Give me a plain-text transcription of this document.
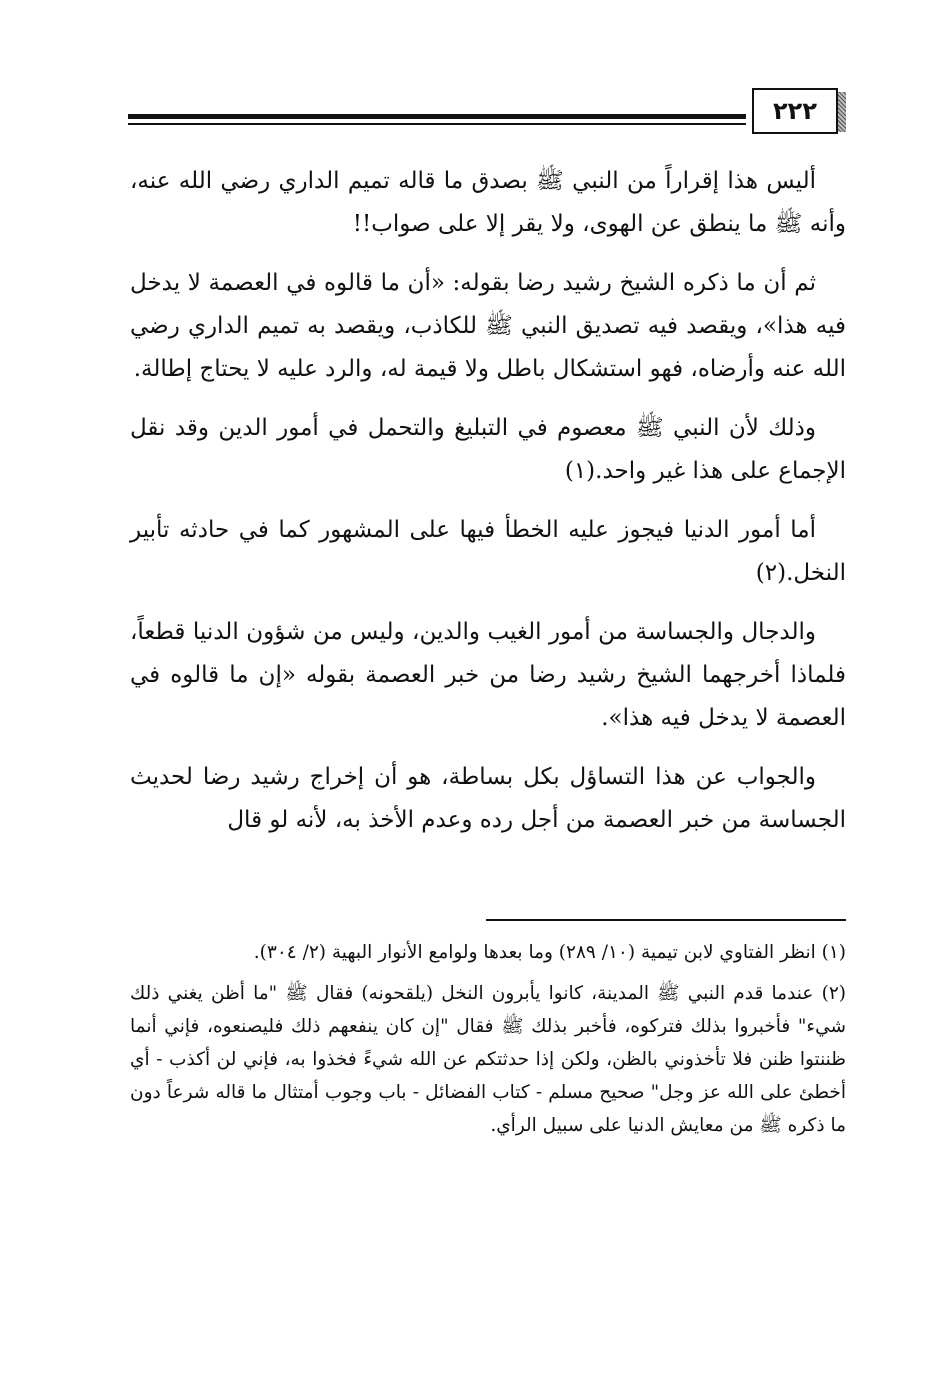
٢٢٢

أليس هذا إقراراً من النبي ﷺ بصدق ما قاله تميم الداري رضي الله عنه، وأنه ﷺ ما ينطق عن الهوى، ولا يقر إلا على صواب!!

ثم أن ما ذكره الشيخ رشيد رضا بقوله: «أن ما قالوه في العصمة لا يدخل فيه هذا»، ويقصد فيه تصديق النبي ﷺ للكاذب، ويقصد به تميم الداري رضي الله عنه وأرضاه، فهو استشكال باطل ولا قيمة له، والرد عليه لا يحتاج إطالة.

وذلك لأن النبي ﷺ معصوم في التبليغ والتحمل في أمور الدين وقد نقل الإجماع على هذا غير واحد.(١)

أما أمور الدنيا فيجوز عليه الخطأ فيها على المشهور كما في حادثه تأبير النخل.(٢)

والدجال والجساسة من أمور الغيب والدين، وليس من شؤون الدنيا قطعاً، فلماذا أخرجهما الشيخ رشيد رضا من خبر العصمة بقوله «إن ما قالوه في العصمة لا يدخل فيه هذا».

والجواب عن هذا التساؤل بكل بساطة، هو أن إخراج رشيد رضا لحديث الجساسة من خبر العصمة من أجل رده وعدم الأخذ به، لأنه لو قال

(١) انظر الفتاوي لابن تيمية (١٠/ ٢٨٩) وما بعدها ولوامع الأنوار البهية (٢/ ٣٠٤).

(٢) عندما قدم النبي ﷺ المدينة، كانوا يأبرون النخل (يلقحونه) فقال ﷺ "ما أظن يغني ذلك شيء" فأخبروا بذلك فتركوه، فأخبر بذلك ﷺ فقال "إن كان ينفعهم ذلك فليصنعوه، فإني أنما ظننتوا ظنن فلا تأخذوني بالظن، ولكن إذا حدثتكم عن الله شيءً فخذوا به، فإني لن أكذب - أي أخطئ على الله عز وجل" صحيح مسلم - كتاب الفضائل - باب وجوب أمتثال ما قاله شرعاً دون ما ذكره ﷺ من معايش الدنيا على سبيل الرأي.
